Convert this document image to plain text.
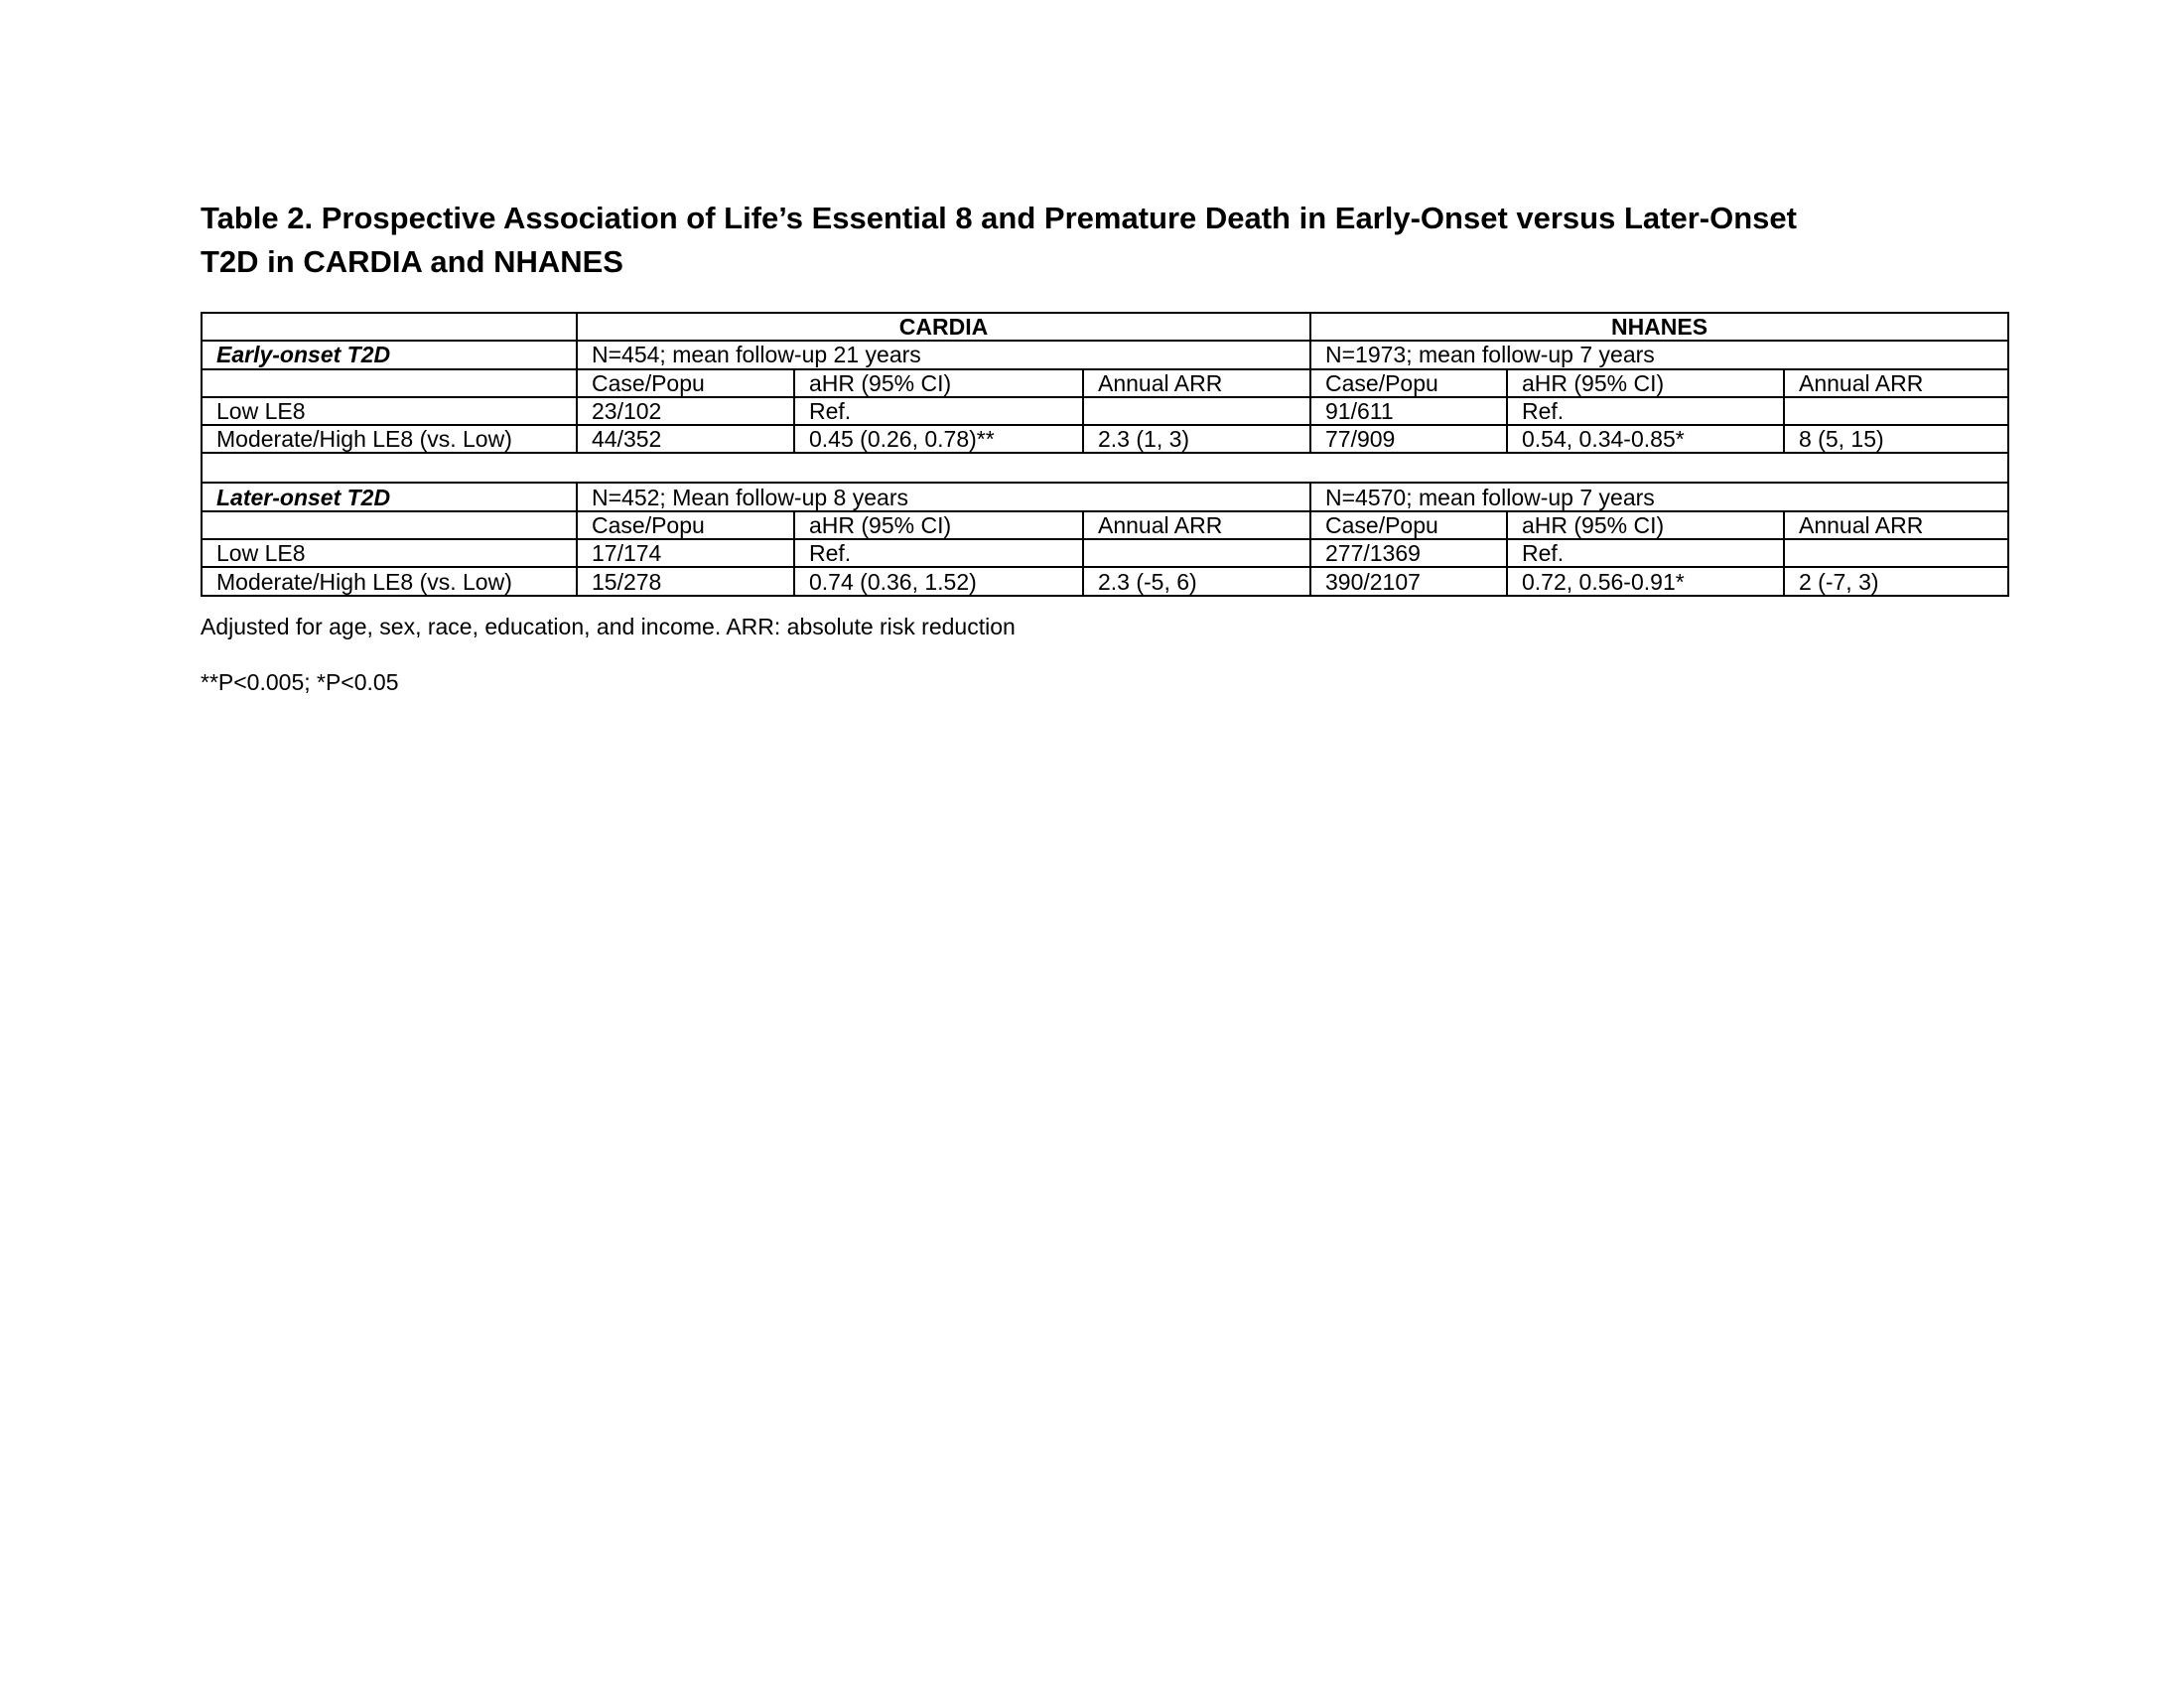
Table 2. Prospective Association of Life’s Essential 8 and Premature Death in Early-Onset versus Later-Onset
T2D in CARDIA and NHANES
	CARDIA			NHANES		
Early-onset T2D	N=454; mean follow-up 21 years			N=1973; mean follow-up 7 years		
	Case/Popu	aHR (95% CI)	Annual ARR	Case/Popu	aHR (95% CI)	Annual ARR
Low LE8	23/102	Ref.		91/611	Ref.	
Moderate/High LE8 (vs. Low)	44/352	0.45 (0.26, 0.78)**	2.3 (1, 3)	77/909	0.54, 0.34-0.85*	8 (5, 15)

Later-onset T2D	N=452; Mean follow-up 8 years			N=4570; mean follow-up 7 years		
	Case/Popu	aHR (95% CI)	Annual ARR	Case/Popu	aHR (95% CI)	Annual ARR
Low LE8	17/174	Ref.		277/1369	Ref.	
Moderate/High LE8 (vs. Low)	15/278	0.74 (0.36, 1.52)	2.3 (-5, 6)	390/2107	0.72, 0.56-0.91*	2 (-7, 3)
Adjusted for age, sex, race, education, and income. ARR: absolute risk reduction
**P<0.005; *P<0.05
